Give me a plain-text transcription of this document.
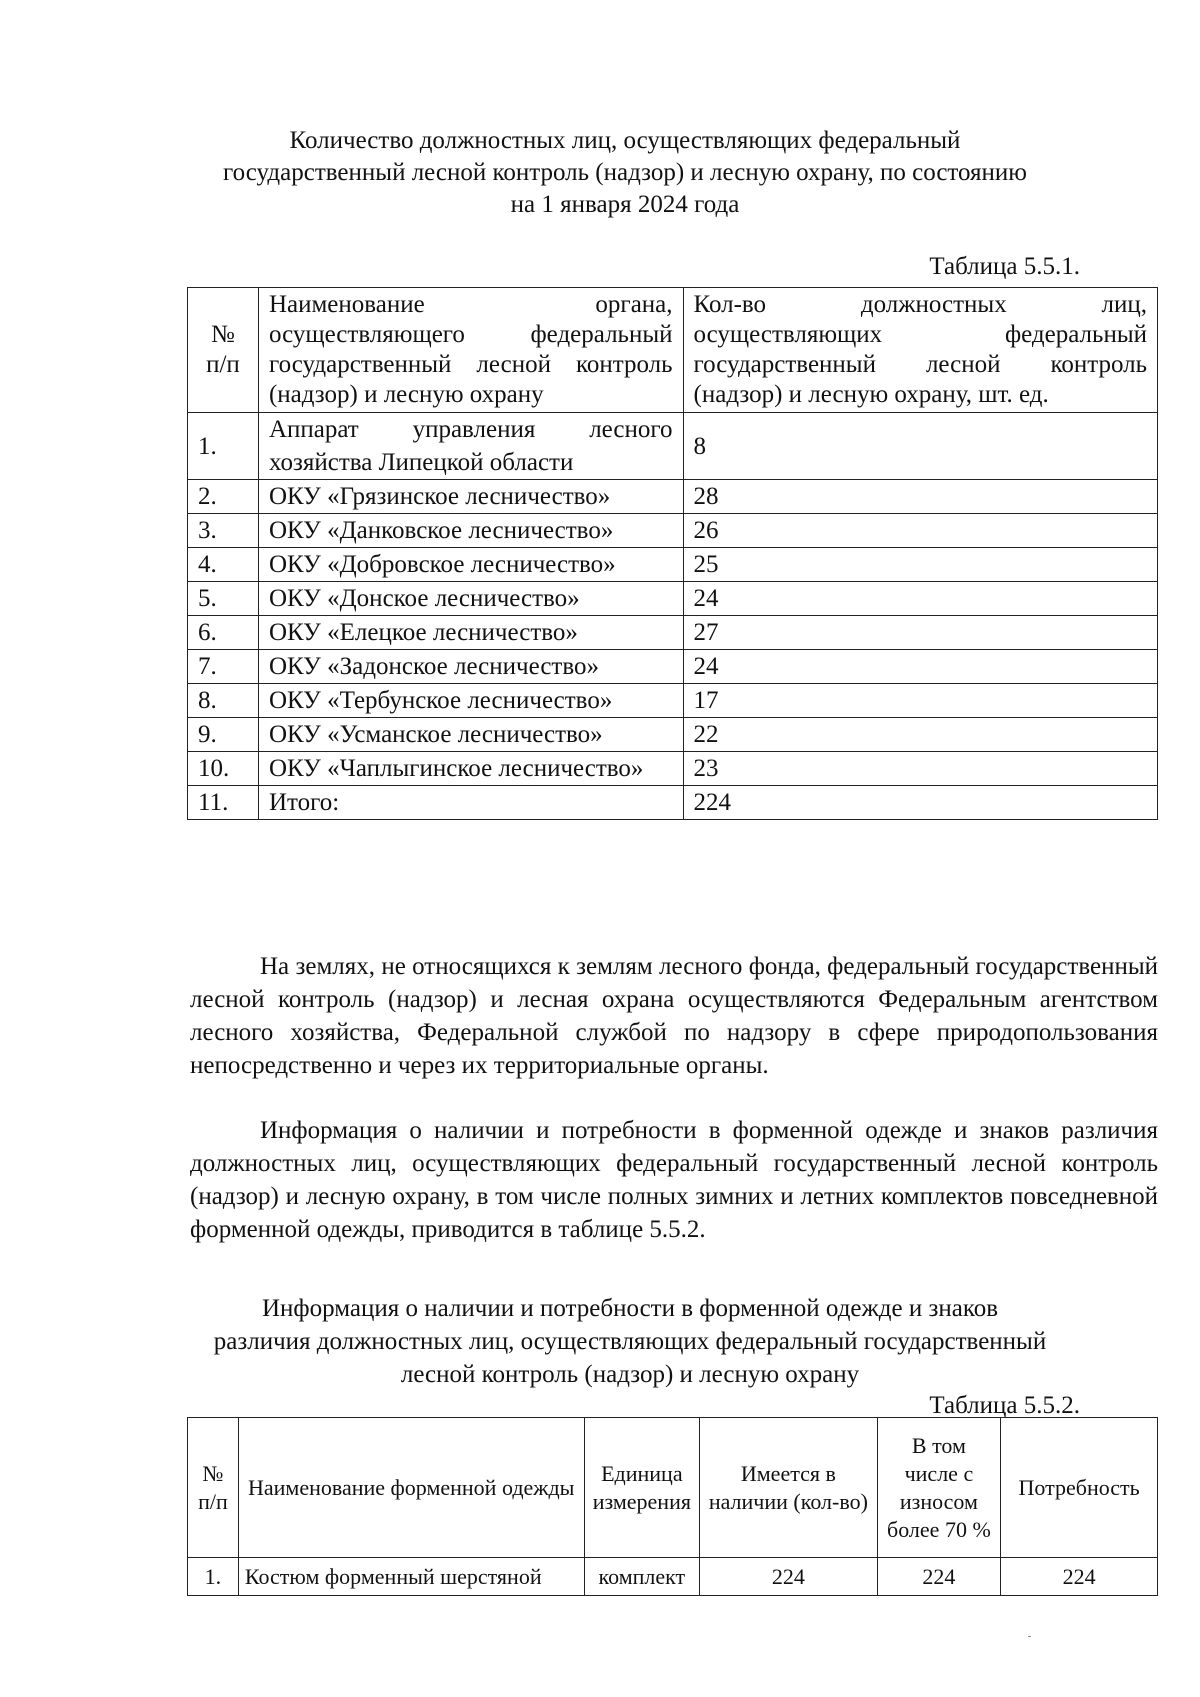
Количество должностных лиц, осуществляющих федеральный
государственный лесной контроль (надзор) и лесную охрану, по состоянию
на 1 января 2024 года
Таблица 5.5.1.
№ п/п	Наименование органа, осуществляющего федеральный государственный лесной контроль (надзор) и лесную охрану	Кол-во должностных лиц, осуществляющих федеральный государственный лесной контроль (надзор) и лесную охрану, шт. ед.
1.	Аппарат управления лесного хозяйства Липецкой области	8
2.	ОКУ «Грязинское лесничество»	28
3.	ОКУ «Данковское лесничество»	26
4.	ОКУ «Добровское лесничество»	25
5.	ОКУ «Донское лесничество»	24
6.	ОКУ «Елецкое лесничество»	27
7.	ОКУ «Задонское лесничество»	24
8.	ОКУ «Тербунское лесничество»	17
9.	ОКУ «Усманское лесничество»	22
10.	ОКУ «Чаплыгинское лесничество»	23
11.	Итого:	224

На землях, не относящихся к землям лесного фонда, федеральный государственный лесной контроль (надзор) и лесная охрана осуществляются Федеральным агентством лесного хозяйства, Федеральной службой по надзору в сфере природопользования непосредственно и через их территориальные органы.

Информация о наличии и потребности в форменной одежде и знаков различия должностных лиц, осуществляющих федеральный государственный лесной контроль (надзор) и лесную охрану, в том числе полных зимних и летних комплектов повседневной форменной одежды, приводится в таблице 5.5.2.

Информация о наличии и потребности в форменной одежде и знаков
различия должностных лиц, осуществляющих федеральный государственный
лесной контроль (надзор) и лесную охрану
Таблица 5.5.2.
№ п/п	Наименование форменной одежды	Единица измерения	Имеется в наличии (кол-во)	В том числе с износом более 70 %	Потребность
1.	Костюм форменный шерстяной	комплект	224	224	224
